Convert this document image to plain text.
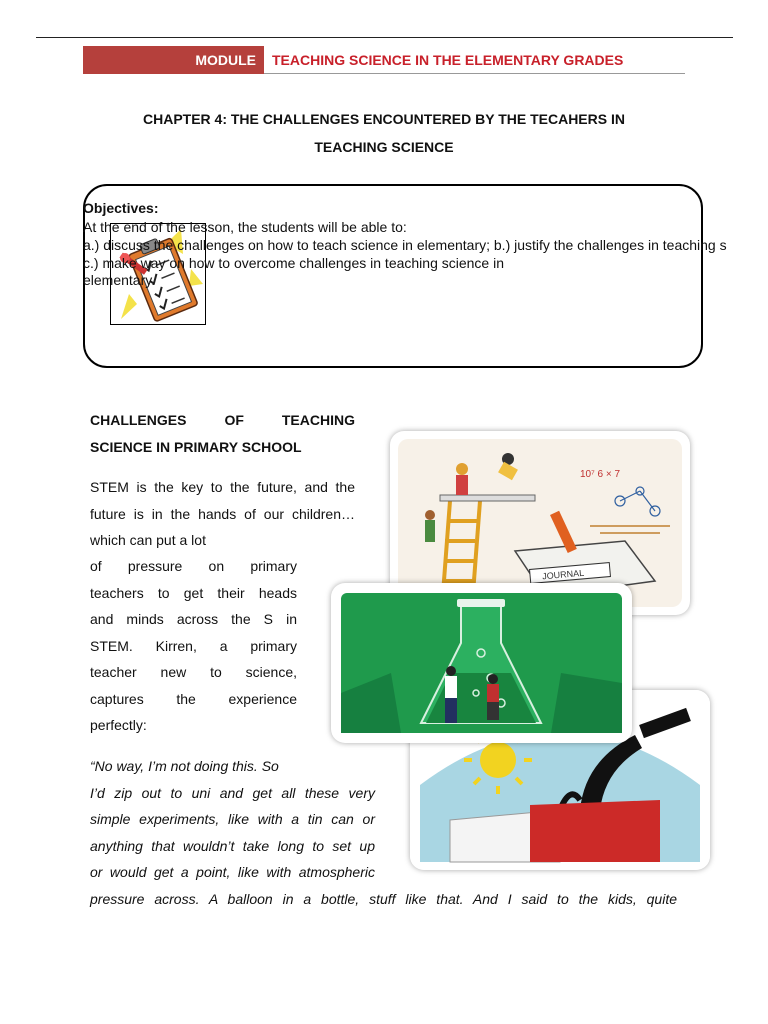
MODULE TEACHING SCIENCE IN THE ELEMENTARY GRADES
CHAPTER 4: THE CHALLENGES ENCOUNTERED BY THE TECAHERS IN
TEACHING SCIENCE
Objectives:
At the end of the lesson, the students will be able to:
a.) discuss the challenges on how to teach science in elementary; b.) justify the challenges in teaching s
c.) make way on how to overcome challenges in teaching science in
elementary.
CHALLENGES	OF	TEACHING
SCIENCE IN PRIMARY SCHOOL
STEM is the key to the future, and the
future is in the hands of our children…
which can put a lot
of pressure on primary
teachers to get their heads
and minds across the S in
STEM. Kirren, a primary
teacher new to science,
captures the experience
perfectly:
“No way, I’m not doing this. So
I’d zip out to uni and get all these very
simple experiments, like with a tin can or
anything that wouldn’t take long to set up
or would get a point, like with atmospheric
pressure across. A balloon in a bottle, stuff like that. And I said to the kids, quite
JOURNAL
10⁷ 6 × 7
